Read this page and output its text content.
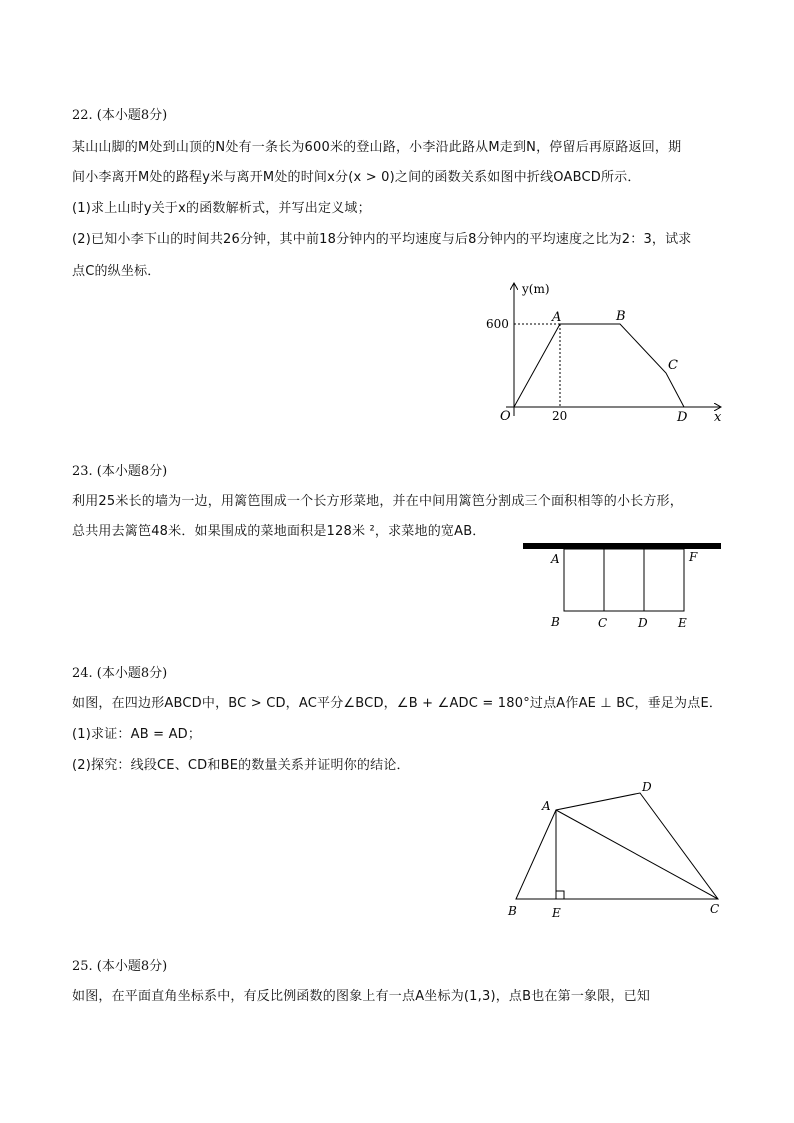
22. (本小题8分)
某山山脚的M处到山顶的N处有一条长为600米的登山路，小李沿此路从M走到N，停留后再原路返回，期
间小李离开M处的路程y米与离开M处的时间x分(x > 0)之间的函数关系如图中折线OABCD所示．
(1)求上山时y关于x的函数解析式，并写出定义域；
(2)已知小李下山的时间共26分钟，其中前18分钟内的平均速度与后8分钟内的平均速度之比为2：3，试求
点C的纵坐标．
y(m)
x
600
20
O
A	B
C
D
23. (本小题8分)
利用25米长的墙为一边，用篱笆围成一个长方形菜地，并在中间用篱笆分割成三个面积相等的小长方形，
总共用去篱笆48米．如果围成的菜地面积是128米 ²，求菜地的宽AB．
A	F
B	C	D	E
24. (本小题8分)
如图，在四边形ABCD中，BC > CD，AC平分∠BCD，∠B + ∠ADC = 180°过点A作AE ⊥ BC，垂足为点E．
(1)求证：AB = AD；
(2)探究：线段CE、CD和BE的数量关系并证明你的结论．
A
D
B	E	C
25. (本小题8分)
如图，在平面直角坐标系中，有反比例函数的图象上有一点A坐标为(1,3)，点B也在第一象限，已知
